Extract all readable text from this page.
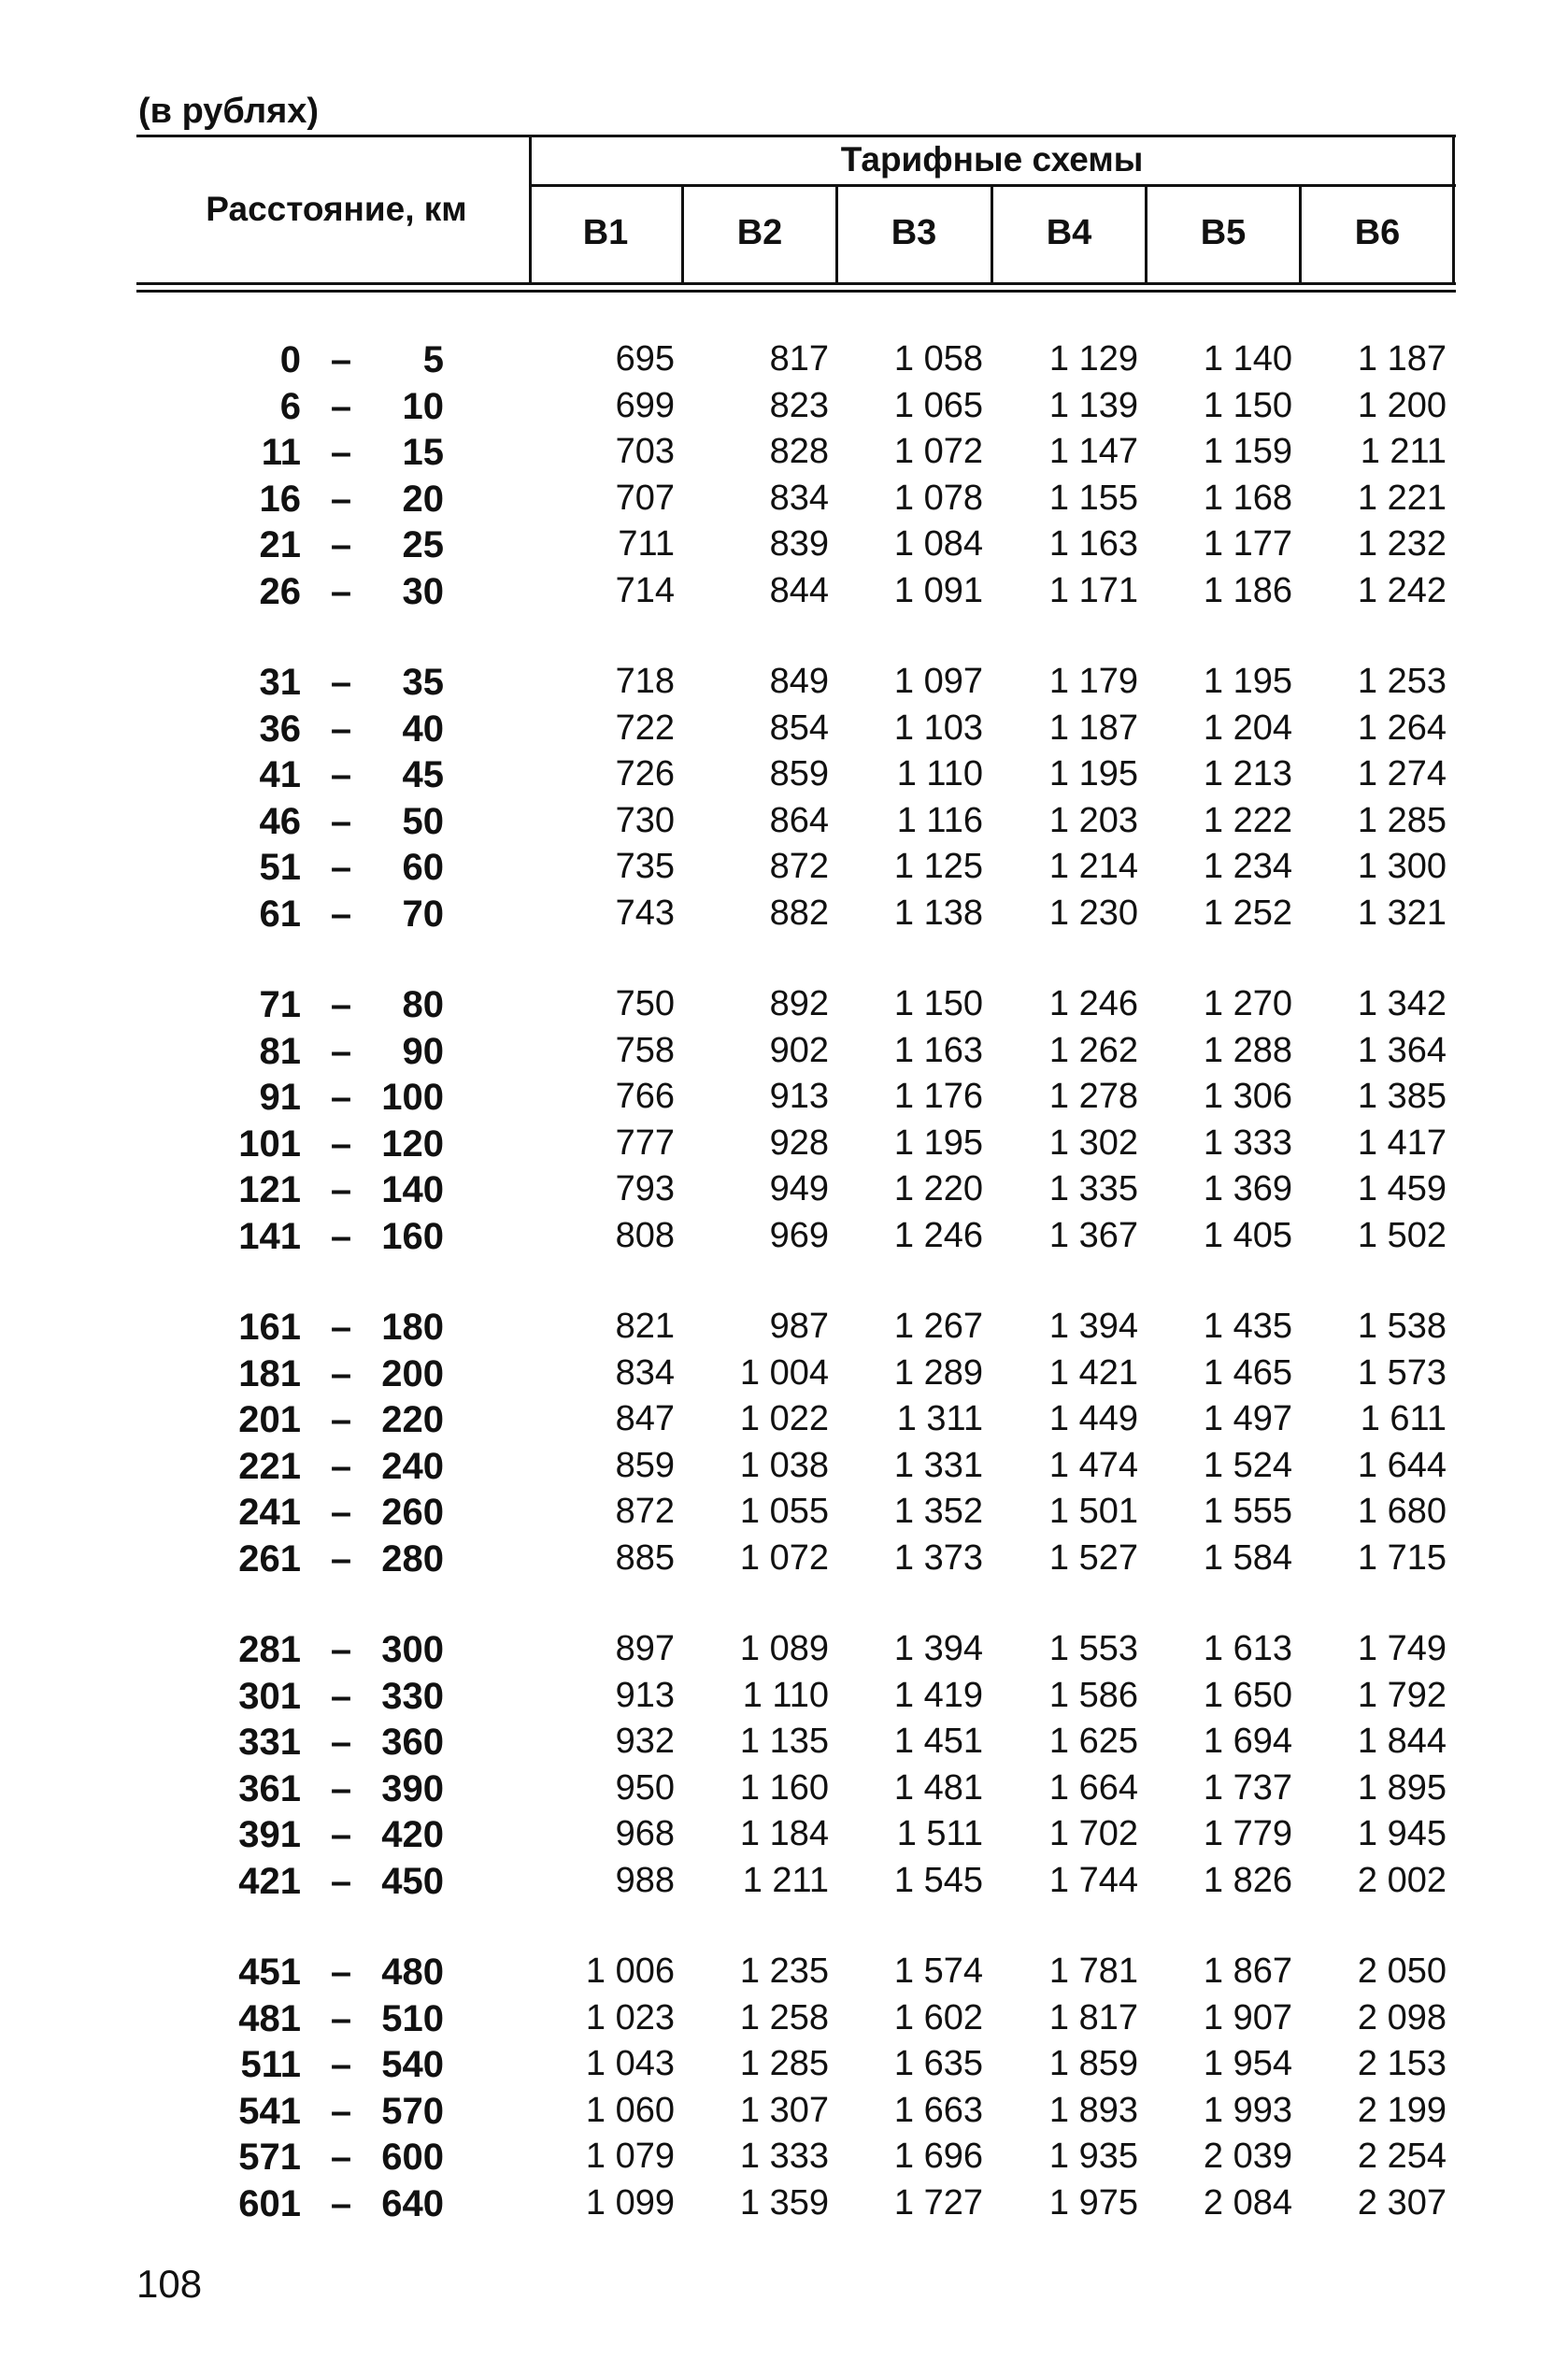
(в рублях)
Расстояние, км
Тарифные схемы
В1	В2	В3	В4	В5	В6
0 –	5	695	817	1 058	1 129	1 140	1 187
6 –	10	699	823	1 065	1 139	1 150	1 200
11 –	15	703	828	1 072	1 147	1 159	1 211
16 –	20	707	834	1 078	1 155	1 168	1 221
21 –	25	711	839	1 084	1 163	1 177	1 232
26 –	30	714	844	1 091	1 171	1 186	1 242
31 –	35	718	849	1 097	1 179	1 195	1 253
36 –	40	722	854	1 103	1 187	1 204	1 264
41 –	45	726	859	1 110	1 195	1 213	1 274
46 –	50	730	864	1 116	1 203	1 222	1 285
51 –	60	735	872	1 125	1 214	1 234	1 300
61 –	70	743	882	1 138	1 230	1 252	1 321
71 –	80	750	892	1 150	1 246	1 270	1 342
81 –	90	758	902	1 163	1 262	1 288	1 364
91 – 100	766	913	1 176	1 278	1 306	1 385
101 – 120	777	928	1 195	1 302	1 333	1 417
121 – 140	793	949	1 220	1 335	1 369	1 459
141 – 160	808	969	1 246	1 367	1 405	1 502
161 – 180	821	987	1 267	1 394	1 435	1 538
181 – 200	834	1 004	1 289	1 421	1 465	1 573
201 – 220	847	1 022	1 311	1 449	1 497	1 611
221 – 240	859	1 038	1 331	1 474	1 524	1 644
241 – 260	872	1 055	1 352	1 501	1 555	1 680
261 – 280	885	1 072	1 373	1 527	1 584	1 715
281 – 300	897	1 089	1 394	1 553	1 613	1 749
301 – 330	913	1 110	1 419	1 586	1 650	1 792
331 – 360	932	1 135	1 451	1 625	1 694	1 844
361 – 390	950	1 160	1 481	1 664	1 737	1 895
391 – 420	968	1 184	1 511	1 702	1 779	1 945
421 – 450	988	1 211	1 545	1 744	1 826	2 002
451 – 480	1 006	1 235	1 574	1 781	1 867	2 050
481 – 510	1 023	1 258	1 602	1 817	1 907	2 098
511 – 540	1 043	1 285	1 635	1 859	1 954	2 153
541 – 570	1 060	1 307	1 663	1 893	1 993	2 199
571 – 600	1 079	1 333	1 696	1 935	2 039	2 254
601 – 640	1 099	1 359	1 727	1 975	2 084	2 307
108
